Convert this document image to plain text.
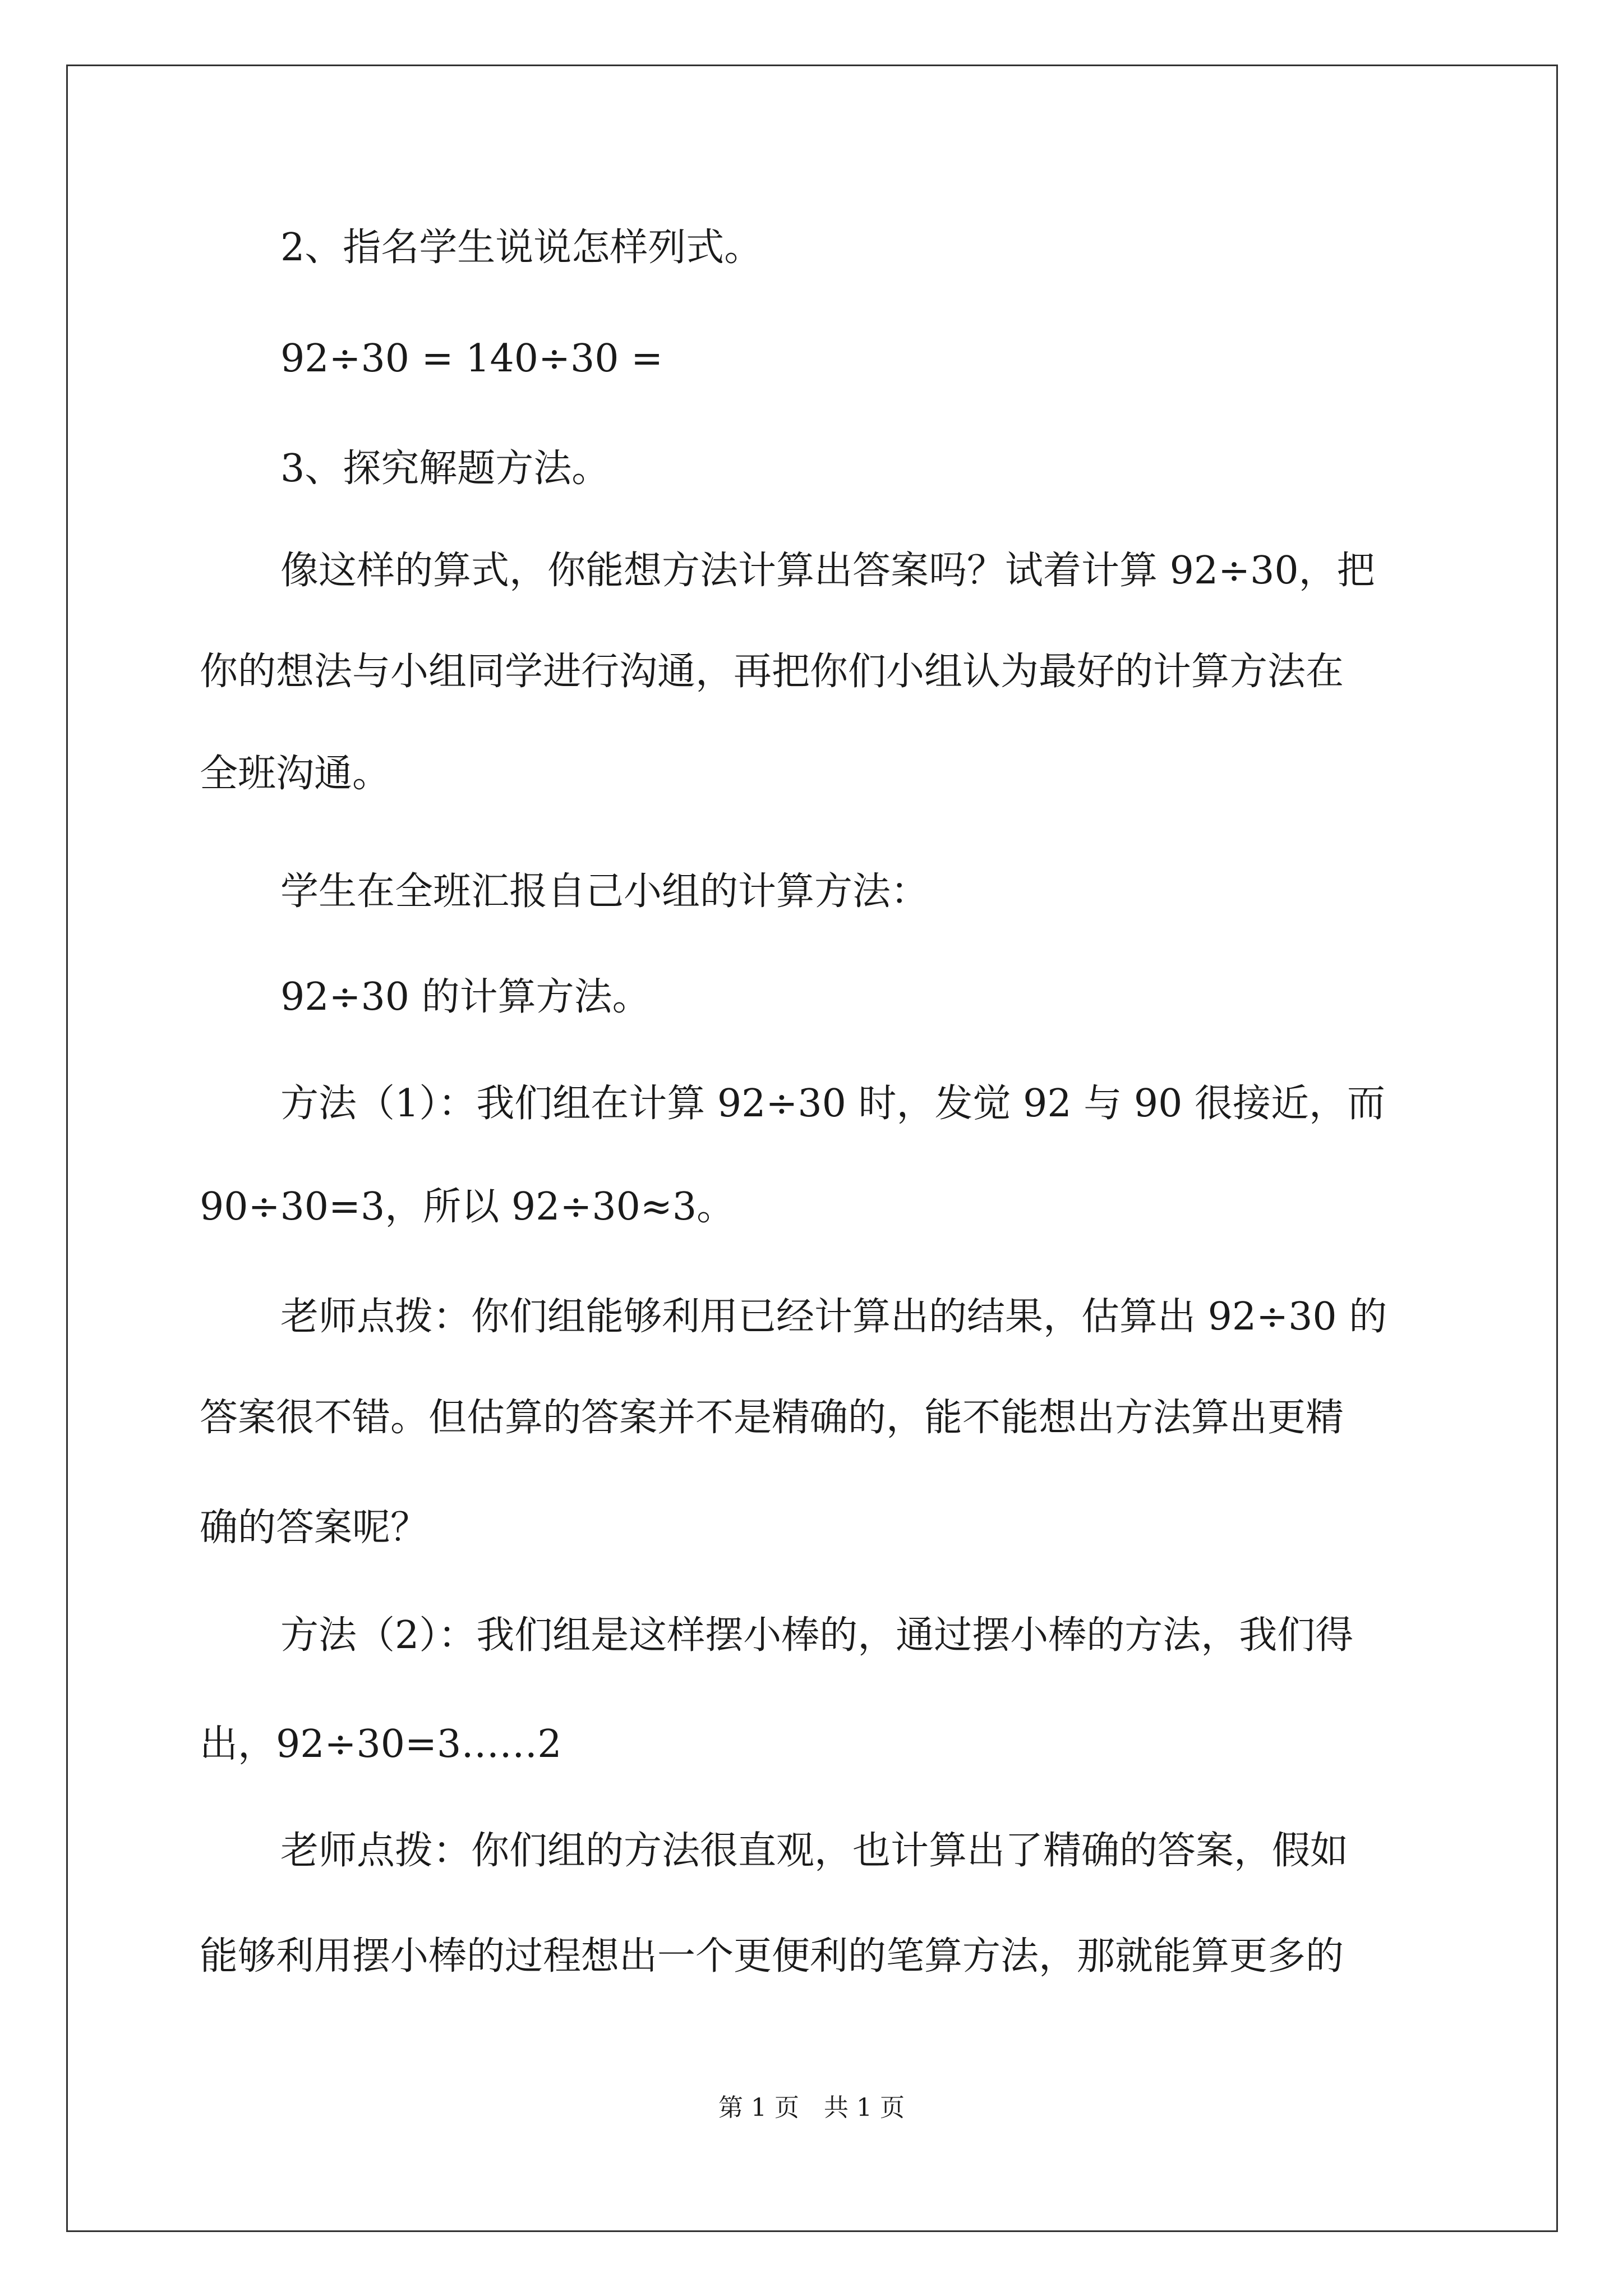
2、指名学生说说怎样列式。
92÷30 = 140÷30 =
3、探究解题方法。
像这样的算式，你能想方法计算出答案吗？试着计算 92÷30，把
你的想法与小组同学进行沟通，再把你们小组认为最好的计算方法在
全班沟通。
学生在全班汇报自己小组的计算方法：
92÷30 的计算方法。
方法（1）：我们组在计算 92÷30 时，发觉 92 与 90 很接近，而
90÷30=3，所以 92÷30≈3。
老师点拨：你们组能够利用已经计算出的结果，估算出 92÷30 的
答案很不错。但估算的答案并不是精确的，能不能想出方法算出更精
确的答案呢？
方法（2）：我们组是这样摆小棒的，通过摆小棒的方法，我们得
出，92÷30=3……2
老师点拨：你们组的方法很直观，也计算出了精确的答案，假如
能够利用摆小棒的过程想出一个更便利的笔算方法，那就能算更多的
第 1 页　共 1 页
